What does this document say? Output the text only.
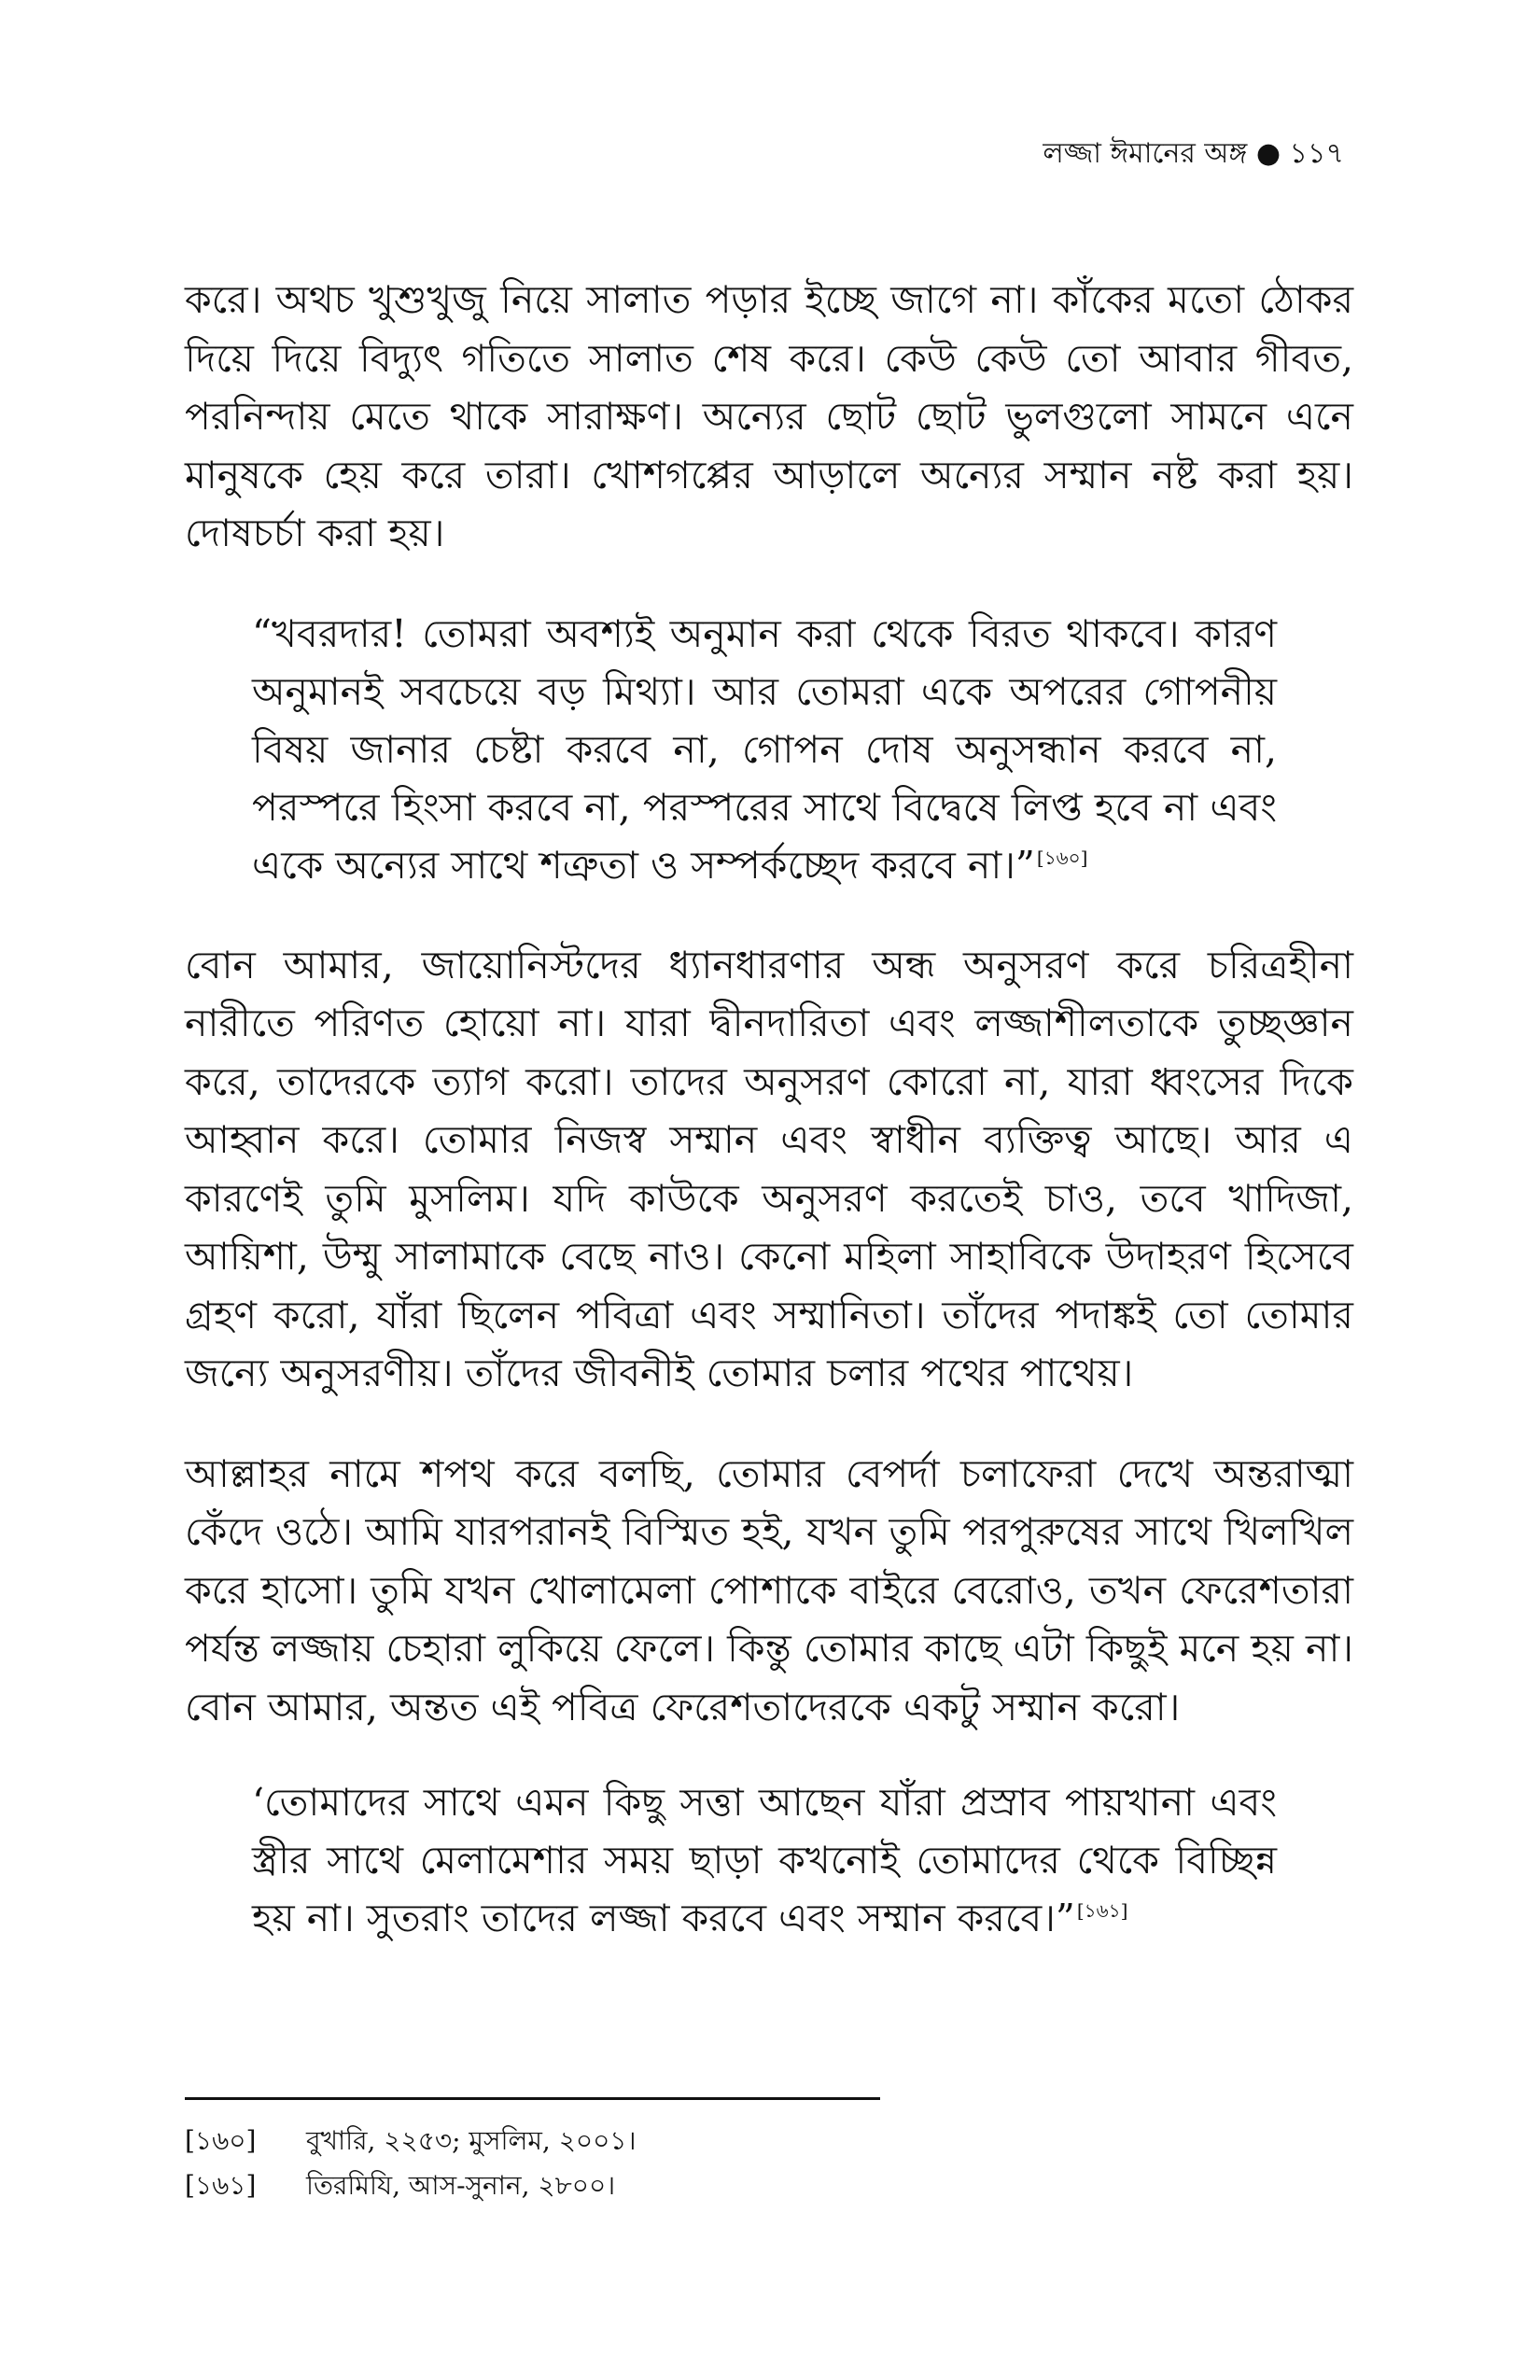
লজ্জা ঈমানের অঙ্গ ● ১১৭

করে। অথচ খুশুখুজু নিয়ে সালাত পড়ার ইচ্ছে জাগে না। কাঁকের মতো ঠোকর দিয়ে দিয়ে বিদ্যুৎ গতিতে সালাত শেষ করে। কেউ কেউ তো আবার গীবত, পরনিন্দায় মেতে থাকে সারাক্ষণ। অন্যের ছোট ছোট ভুলগুলো সামনে এনে মানুষকে হেয় করে তারা। খোশগপ্পের আড়ালে অন্যের সম্মান নষ্ট করা হয়। দোষচর্চা করা হয়।

“খবরদার! তোমরা অবশ্যই অনুমান করা থেকে বিরত থাকবে। কারণ অনুমানই সবচেয়ে বড় মিথ্যা। আর তোমরা একে অপরের গোপনীয় বিষয় জানার চেষ্টা করবে না, গোপন দোষ অনুসন্ধান করবে না, পরস্পরে হিংসা করবে না, পরস্পরের সাথে বিদ্বেষে লিপ্ত হবে না এবং একে অন্যের সাথে শত্রুতা ও সম্পর্কচ্ছেদ করবে না।” [১৬০]

বোন আমার, জায়োনিস্টদের ধ্যানধারণার অন্ধ অনুসরণ করে চরিত্রহীনা নারীতে পরিণত হোয়ো না। যারা দ্বীনদারিতা এবং লজ্জাশীলতাকে তুচ্ছজ্ঞান করে, তাদেরকে ত্যাগ করো। তাদের অনুসরণ কোরো না, যারা ধ্বংসের দিকে আহ্বান করে। তোমার নিজস্ব সম্মান এবং স্বাধীন ব্যক্তিত্ব আছে। আর এ কারণেই তুমি মুসলিম। যদি কাউকে অনুসরণ করতেই চাও, তবে খাদিজা, আয়িশা, উম্মু সালামাকে বেছে নাও। কেনো মহিলা সাহাবিকে উদাহরণ হিসেবে গ্রহণ করো, যাঁরা ছিলেন পবিত্রা এবং সম্মানিতা। তাঁদের পদাঙ্কই তো তোমার জন্যে অনুসরণীয়। তাঁদের জীবনীই তোমার চলার পথের পাথেয়।

আল্লাহর নামে শপথ করে বলছি, তোমার বেপর্দা চলাফেরা দেখে অন্তরাত্মা কেঁদে ওঠে। আমি যারপরানই বিস্মিত হই, যখন তুমি পরপুরুষের সাথে খিলখিল করে হাসো। তুমি যখন খোলামেলা পোশাকে বাইরে বেরোও, তখন ফেরেশতারা পর্যন্ত লজ্জায় চেহারা লুকিয়ে ফেলে। কিন্তু তোমার কাছে এটা কিছুই মনে হয় না। বোন আমার, অন্তত এই পবিত্র ফেরেশতাদেরকে একটু সম্মান করো।

‘তোমাদের সাথে এমন কিছু সত্তা আছেন যাঁরা প্রস্রাব পায়খানা এবং স্ত্রীর সাথে মেলামেশার সময় ছাড়া কখনোই তোমাদের থেকে বিচ্ছিন্ন হয় না। সুতরাং তাদের লজ্জা করবে এবং সম্মান করবে।” [১৬১]

[১৬০]	বুখারি, ২২৫৩; মুসলিম, ২০০১।
[১৬১]	তিরমিযি, আস-সুনান, ২৮০০।
